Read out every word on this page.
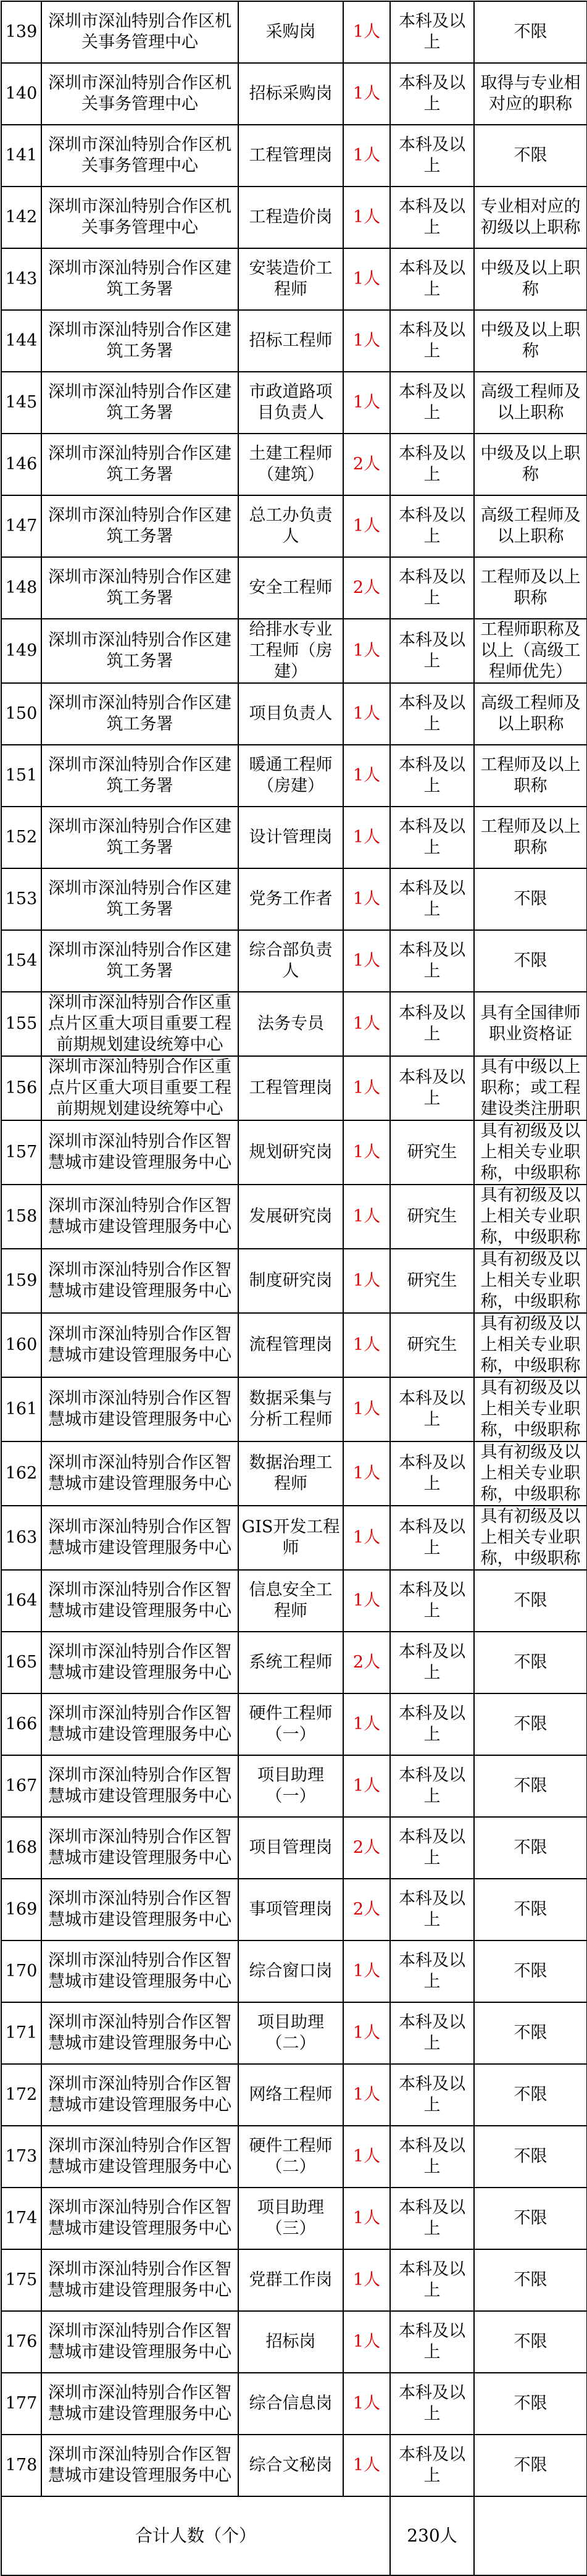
139	深圳市深汕特别合作区机关事务管理中心	采购岗	1人	本科及以上	不限
140	深圳市深汕特别合作区机关事务管理中心	招标采购岗	1人	本科及以上	取得与专业相对应的职称
141	深圳市深汕特别合作区机关事务管理中心	工程管理岗	1人	本科及以上	不限
142	深圳市深汕特别合作区机关事务管理中心	工程造价岗	1人	本科及以上	专业相对应的初级以上职称
143	深圳市深汕特别合作区建筑工务署	安装造价工程师	1人	本科及以上	中级及以上职称
144	深圳市深汕特别合作区建筑工务署	招标工程师	1人	本科及以上	中级及以上职称
145	深圳市深汕特别合作区建筑工务署	市政道路项目负责人	1人	本科及以上	高级工程师及以上职称
146	深圳市深汕特别合作区建筑工务署	土建工程师（建筑）	2人	本科及以上	中级及以上职称
147	深圳市深汕特别合作区建筑工务署	总工办负责人	1人	本科及以上	高级工程师及以上职称
148	深圳市深汕特别合作区建筑工务署	安全工程师	2人	本科及以上	工程师及以上职称
149	深圳市深汕特别合作区建筑工务署	给排水专业工程师（房建）	1人	本科及以上	工程师职称及以上（高级工程师优先）
150	深圳市深汕特别合作区建筑工务署	项目负责人	1人	本科及以上	高级工程师及以上职称
151	深圳市深汕特别合作区建筑工务署	暖通工程师（房建）	1人	本科及以上	工程师及以上职称
152	深圳市深汕特别合作区建筑工务署	设计管理岗	1人	本科及以上	工程师及以上职称
153	深圳市深汕特别合作区建筑工务署	党务工作者	1人	本科及以上	不限
154	深圳市深汕特别合作区建筑工务署	综合部负责人	1人	本科及以上	不限
155	深圳市深汕特别合作区重点片区重大项目重要工程前期规划建设统筹中心	法务专员	1人	本科及以上	具有全国律师职业资格证
156	深圳市深汕特别合作区重点片区重大项目重要工程前期规划建设统筹中心	工程管理岗	1人	本科及以上	具有中级以上职称；或工程建设类注册职
157	深圳市深汕特别合作区智慧城市建设管理服务中心	规划研究岗	1人	研究生	具有初级及以上相关专业职称，中级职称
158	深圳市深汕特别合作区智慧城市建设管理服务中心	发展研究岗	1人	研究生	具有初级及以上相关专业职称，中级职称
159	深圳市深汕特别合作区智慧城市建设管理服务中心	制度研究岗	1人	研究生	具有初级及以上相关专业职称，中级职称
160	深圳市深汕特别合作区智慧城市建设管理服务中心	流程管理岗	1人	研究生	具有初级及以上相关专业职称，中级职称
161	深圳市深汕特别合作区智慧城市建设管理服务中心	数据采集与分析工程师	1人	本科及以上	具有初级及以上相关专业职称，中级职称
162	深圳市深汕特别合作区智慧城市建设管理服务中心	数据治理工程师	1人	本科及以上	具有初级及以上相关专业职称，中级职称
163	深圳市深汕特别合作区智慧城市建设管理服务中心	GIS开发工程师	1人	本科及以上	具有初级及以上相关专业职称，中级职称
164	深圳市深汕特别合作区智慧城市建设管理服务中心	信息安全工程师	1人	本科及以上	不限
165	深圳市深汕特别合作区智慧城市建设管理服务中心	系统工程师	2人	本科及以上	不限
166	深圳市深汕特别合作区智慧城市建设管理服务中心	硬件工程师（一）	1人	本科及以上	不限
167	深圳市深汕特别合作区智慧城市建设管理服务中心	项目助理（一）	1人	本科及以上	不限
168	深圳市深汕特别合作区智慧城市建设管理服务中心	项目管理岗	2人	本科及以上	不限
169	深圳市深汕特别合作区智慧城市建设管理服务中心	事项管理岗	2人	本科及以上	不限
170	深圳市深汕特别合作区智慧城市建设管理服务中心	综合窗口岗	1人	本科及以上	不限
171	深圳市深汕特别合作区智慧城市建设管理服务中心	项目助理（二）	1人	本科及以上	不限
172	深圳市深汕特别合作区智慧城市建设管理服务中心	网络工程师	1人	本科及以上	不限
173	深圳市深汕特别合作区智慧城市建设管理服务中心	硬件工程师（二）	1人	本科及以上	不限
174	深圳市深汕特别合作区智慧城市建设管理服务中心	项目助理（三）	1人	本科及以上	不限
175	深圳市深汕特别合作区智慧城市建设管理服务中心	党群工作岗	1人	本科及以上	不限
176	深圳市深汕特别合作区智慧城市建设管理服务中心	招标岗	1人	本科及以上	不限
177	深圳市深汕特别合作区智慧城市建设管理服务中心	综合信息岗	1人	本科及以上	不限
178	深圳市深汕特别合作区智慧城市建设管理服务中心	综合文秘岗	1人	本科及以上	不限
合计人数（个）				230人	
